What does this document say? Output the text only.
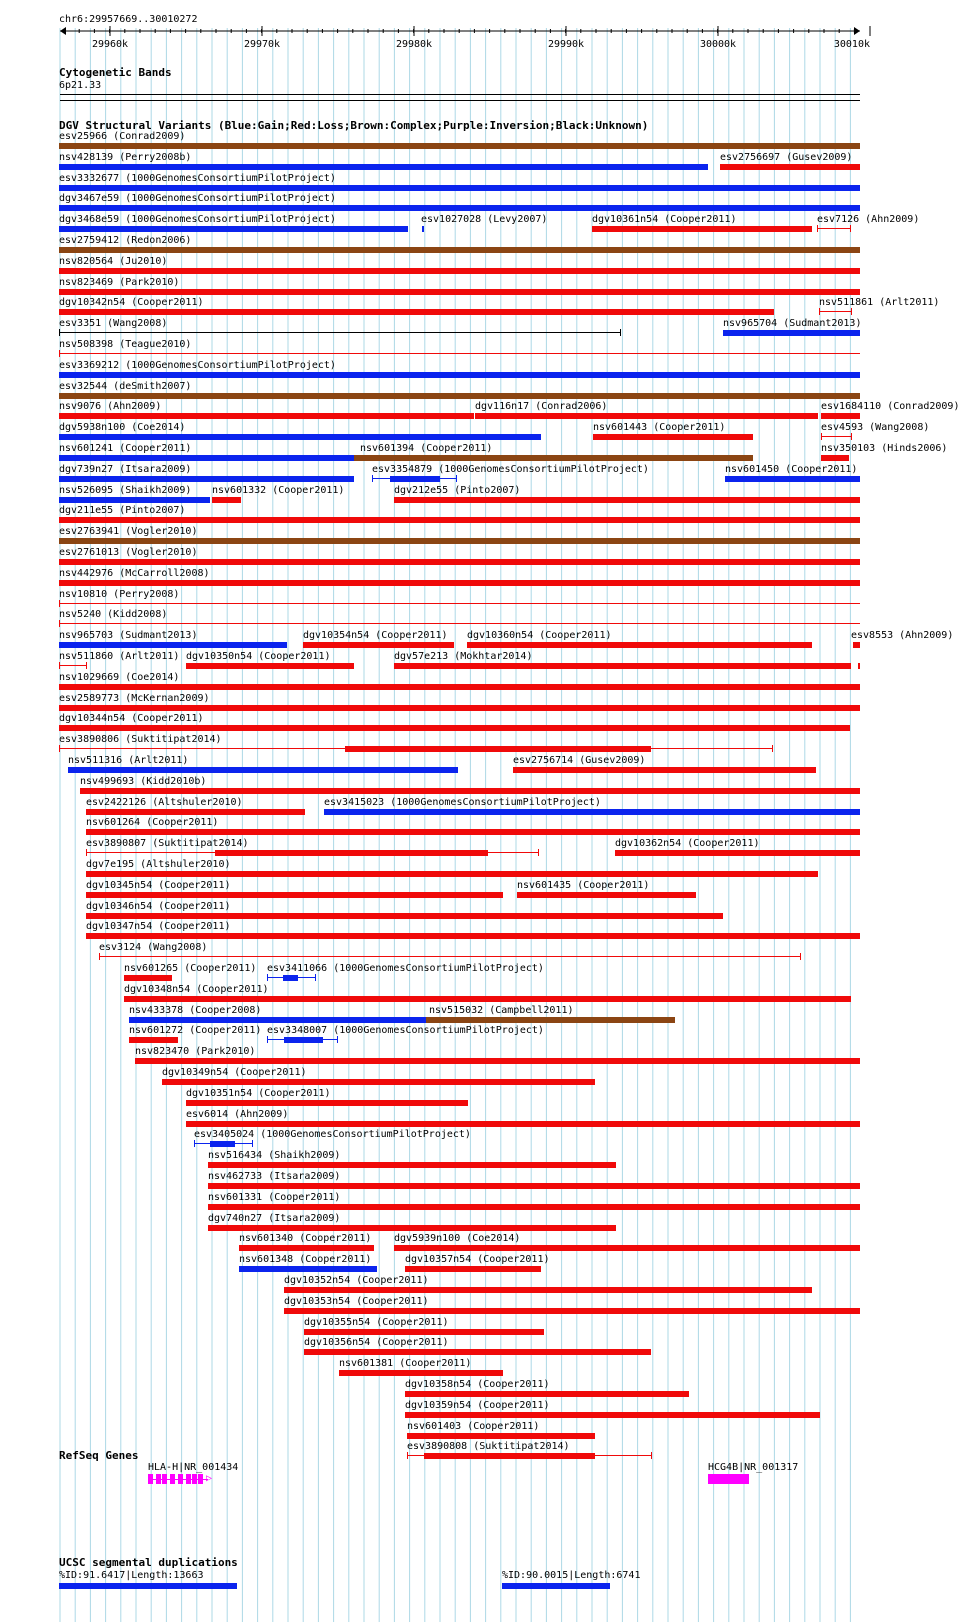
chr6:29957669..30010272
29960k	29970k	29980k	29990k	30000k	30010k
Cytogenetic Bands
6p21.33
DGV Structural Variants (Blue:Gain;Red:Loss;Brown:Complex;Purple:Inversion;Black:Unknown)
esv25966 (Conrad2009)
nsv428139 (Perry2008b)	esv2756697 (Gusev2009)
esv3332677 (1000GenomesConsortiumPilotProject)
dgv3467e59 (1000GenomesConsortiumPilotProject)
dgv3468e59 (1000GenomesConsortiumPilotProject)	esv1027028 (Levy2007)	dgv10361n54 (Cooper2011)	esv7126 (Ahn2009)
esv2759412 (Redon2006)
nsv820564 (Ju2010)
nsv823469 (Park2010)
dgv10342n54 (Cooper2011)	nsv511861 (Arlt2011)
esv3351 (Wang2008)	nsv965704 (Sudmant2013)
nsv508398 (Teague2010)
esv3369212 (1000GenomesConsortiumPilotProject)
esv32544 (deSmith2007)
nsv9076 (Ahn2009)	dgv116n17 (Conrad2006)	esv1684110 (Conrad2009)
dgv5938n100 (Coe2014)	nsv601443 (Cooper2011)	esv4593 (Wang2008)
nsv601241 (Cooper2011)	nsv601394 (Cooper2011)	nsv350103 (Hinds2006)
dgv739n27 (Itsara2009)	esv3354879 (1000GenomesConsortiumPilotProject)	nsv601450 (Cooper2011)
nsv526095 (Shaikh2009) nsv601332 (Cooper2011)	dgv212e55 (Pinto2007)
dgv211e55 (Pinto2007)
esv2763941 (Vogler2010)
esv2761013 (Vogler2010)
nsv442976 (McCarroll2008)
nsv10810 (Perry2008)
nsv5240 (Kidd2008)
nsv965703 (Sudmant2013)	dgv10354n54 (Cooper2011) dgv10360n54 (Cooper2011)	esv8553 (Ahn2009)
nsv511860 (Arlt2011) dgv10350n54 (Cooper2011)	dgv57e213 (Mokhtar2014)
nsv1029669 (Coe2014)
esv2589773 (McKernan2009)
dgv10344n54 (Cooper2011)
esv3890806 (Suktitipat2014)
nsv511316 (Arlt2011)	esv2756714 (Gusev2009)
nsv499693 (Kidd2010b)
esv2422126 (Altshuler2010)	esv3415023 (1000GenomesConsortiumPilotProject)
nsv601264 (Cooper2011)
esv3890807 (Suktitipat2014)	dgv10362n54 (Cooper2011)
dgv7e195 (Altshuler2010)
dgv10345n54 (Cooper2011)	nsv601435 (Cooper2011)
dgv10346n54 (Cooper2011)
dgv10347n54 (Cooper2011)
esv3124 (Wang2008)
nsv601265 (Cooper2011) esv3411066 (1000GenomesConsortiumPilotProject)
dgv10348n54 (Cooper2011)
nsv433378 (Cooper2008)	nsv515032 (Campbell2011)
nsv601272 (Cooper2011) esv3348007 (1000GenomesConsortiumPilotProject)
nsv823470 (Park2010)
dgv10349n54 (Cooper2011)
dgv10351n54 (Cooper2011)
esv6014 (Ahn2009)
esv3405024 (1000GenomesConsortiumPilotProject)
nsv516434 (Shaikh2009)
nsv462733 (Itsara2009)
nsv601331 (Cooper2011)
dgv740n27 (Itsara2009)
nsv601340 (Cooper2011) dgv5939n100 (Coe2014)
nsv601348 (Cooper2011)	dgv10357n54 (Cooper2011)
dgv10352n54 (Cooper2011)
dgv10353n54 (Cooper2011)
dgv10355n54 (Cooper2011)
dgv10356n54 (Cooper2011)
nsv601381 (Cooper2011)
dgv10358n54 (Cooper2011)
dgv10359n54 (Cooper2011)
nsv601403 (Cooper2011)
esv3890808 (Suktitipat2014)
HLA-H|NR_001434
▷
HCG4B|NR_001317
%ID:91.6417|Length:13663	%ID:90.0015|Length:6741
RefSeq Genes
UCSC segmental duplications
